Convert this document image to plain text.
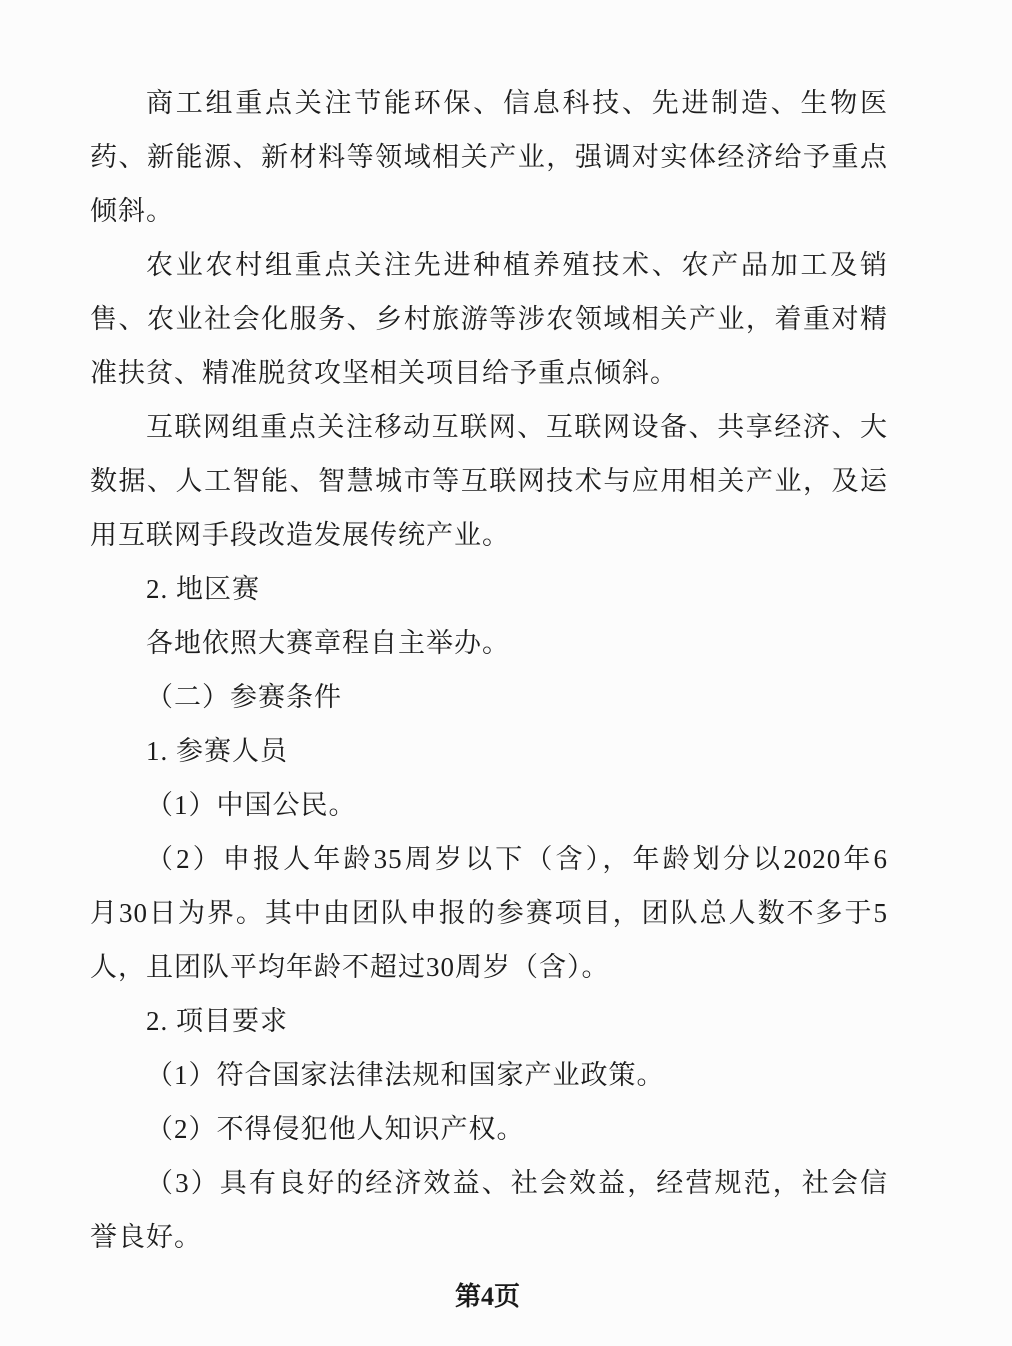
商工组重点关注节能环保、信息科技、先进制造、生物医
药、新能源、新材料等领域相关产业，强调对实体经济给予重点
倾斜。
农业农村组重点关注先进种植养殖技术、农产品加工及销
售、农业社会化服务、乡村旅游等涉农领域相关产业，着重对精
准扶贫、精准脱贫攻坚相关项目给予重点倾斜。
互联网组重点关注移动互联网、互联网设备、共享经济、大
数据、人工智能、智慧城市等互联网技术与应用相关产业，及运
用互联网手段改造发展传统产业。
2. 地区赛
各地依照大赛章程自主举办。
（二）参赛条件
1. 参赛人员
（1）中国公民。
（2）申报人年龄35周岁以下（含），年龄划分以2020年6
月30日为界。其中由团队申报的参赛项目，团队总人数不多于5
人，且团队平均年龄不超过30周岁（含）。
2. 项目要求
（1）符合国家法律法规和国家产业政策。
（2）不得侵犯他人知识产权。
（3）具有良好的经济效益、社会效益，经营规范，社会信
誉良好。
第4页
